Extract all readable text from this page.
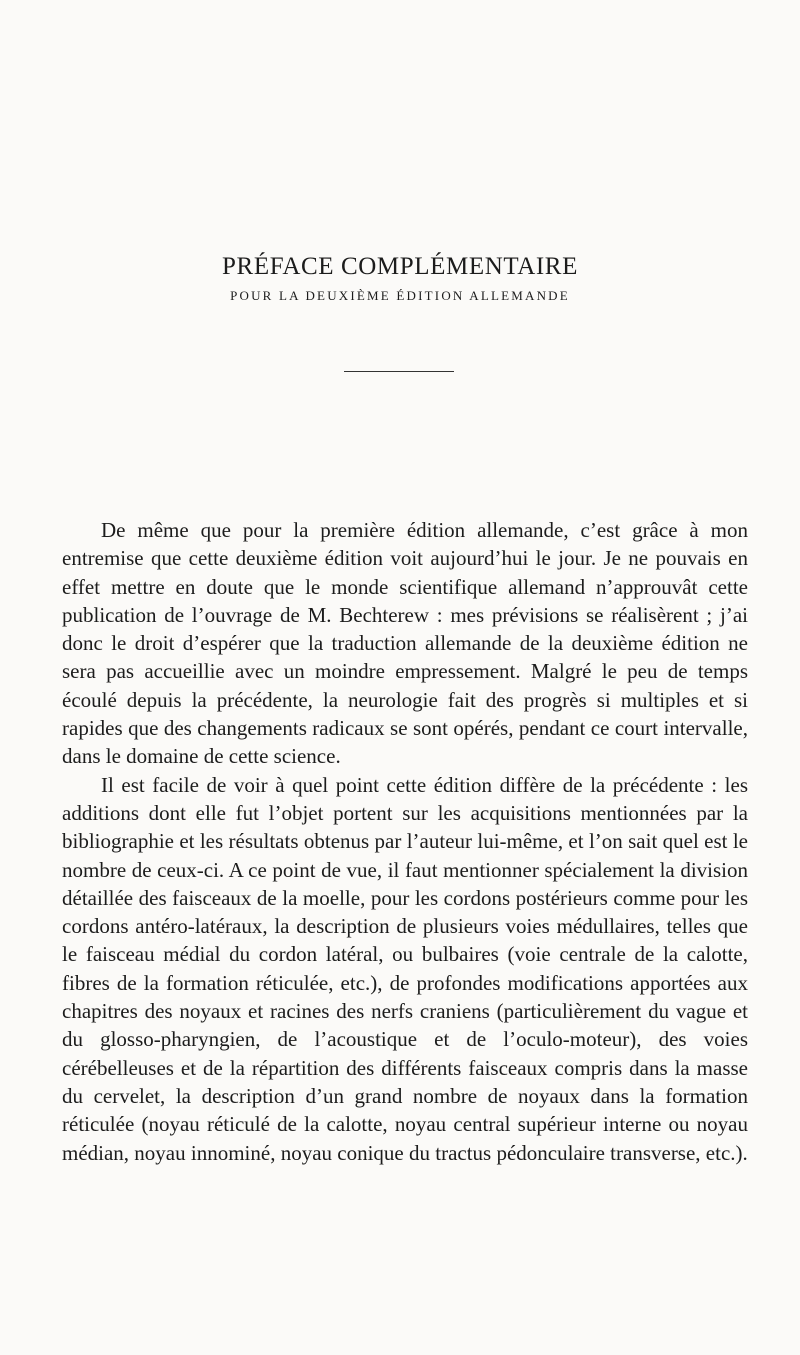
PRÉFACE COMPLÉMENTAIRE
POUR LA DEUXIÈME ÉDITION ALLEMANDE

De même que pour la première édition allemande, c’est grâce à mon entremise que cette deuxième édition voit aujourd’hui le jour. Je ne pouvais en effet mettre en doute que le monde scientifique allemand n’approuvât cette publication de l’ouvrage de M. Bechterew : mes prévisions se réalisèrent ; j’ai donc le droit d’espérer que la traduction allemande de la deuxième édition ne sera pas accueillie avec un moindre empressement. Malgré le peu de temps écoulé depuis la précédente, la neurologie fait des progrès si multiples et si rapides que des changements radicaux se sont opérés, pendant ce court intervalle, dans le domaine de cette science.

Il est facile de voir à quel point cette édition diffère de la précédente : les additions dont elle fut l’objet portent sur les acquisitions mentionnées par la bibliographie et les résultats obtenus par l’auteur lui-même, et l’on sait quel est le nombre de ceux-ci. A ce point de vue, il faut mentionner spécialement la division détaillée des faisceaux de la moelle, pour les cordons postérieurs comme pour les cordons antéro-latéraux, la description de plusieurs voies médullaires, telles que le faisceau médial du cordon latéral, ou bulbaires (voie centrale de la calotte, fibres de la formation réticulée, etc.), de profondes modifications apportées aux chapitres des noyaux et racines des nerfs craniens (particulièrement du vague et du glosso-pharyngien, de l’acoustique et de l’oculo-moteur), des voies cérébelleuses et de la répartition des différents faisceaux compris dans la masse du cervelet, la description d’un grand nombre de noyaux dans la formation réticulée (noyau réticulé de la calotte, noyau central supérieur interne ou noyau médian, noyau innominé, noyau conique du tractus pédonculaire transverse, etc.).
